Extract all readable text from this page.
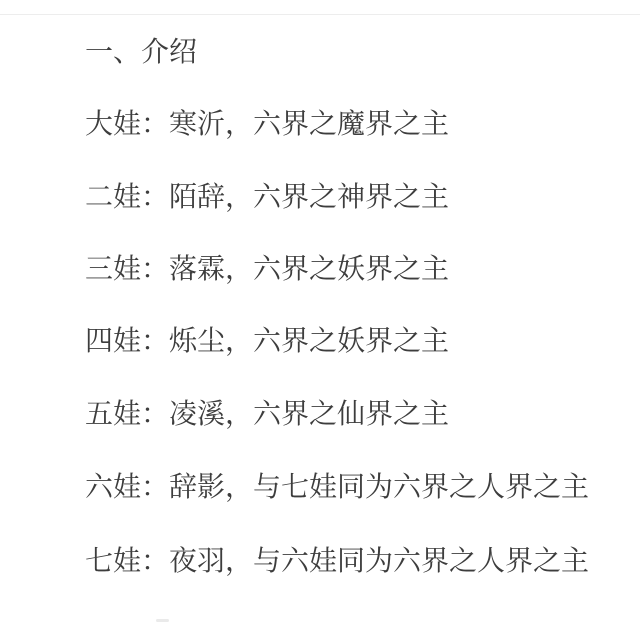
一、介绍
大娃：寒沂，六界之魔界之主
二娃：陌辞，六界之神界之主
三娃：落霖，六界之妖界之主
四娃：烁尘，六界之妖界之主
五娃：凌溪，六界之仙界之主
六娃：辞影，与七娃同为六界之人界之主
七娃：夜羽，与六娃同为六界之人界之主
